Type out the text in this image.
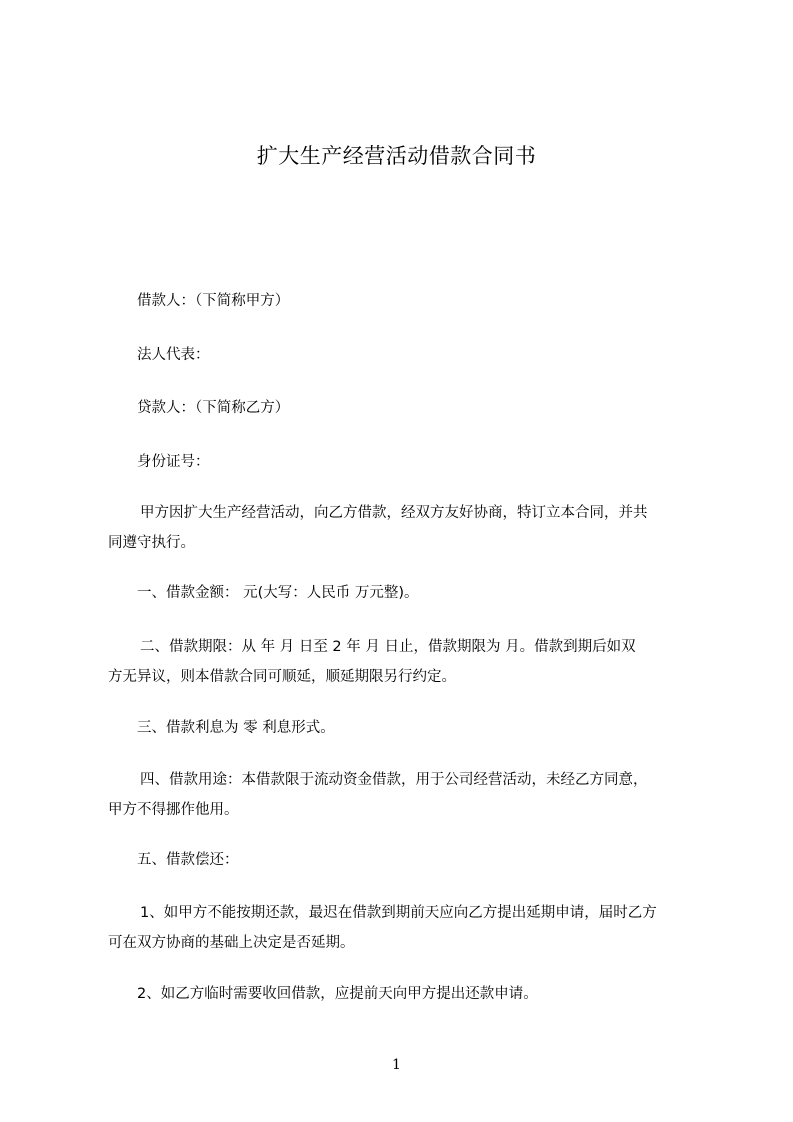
扩大生产经营活动借款合同书
借款人：（下简称甲方）
法人代表：
贷款人：（下简称乙方）
身份证号：
甲方因扩大生产经营活动，向乙方借款，经双方友好协商，特订立本合同，并共
同遵守执行。
一、借款金额： 元(大写：人民币 万元整)。
二、借款期限：从 年 月 日至 2 年 月 日止，借款期限为 月。借款到期后如双
方无异议，则本借款合同可顺延，顺延期限另行约定。
三、借款利息为 零 利息形式。
四、借款用途：本借款限于流动资金借款，用于公司经营活动，未经乙方同意，
甲方不得挪作他用。
五、借款偿还：
1、如甲方不能按期还款，最迟在借款到期前天应向乙方提出延期申请，届时乙方
可在双方协商的基础上决定是否延期。
2、如乙方临时需要收回借款，应提前天向甲方提出还款申请。
1
